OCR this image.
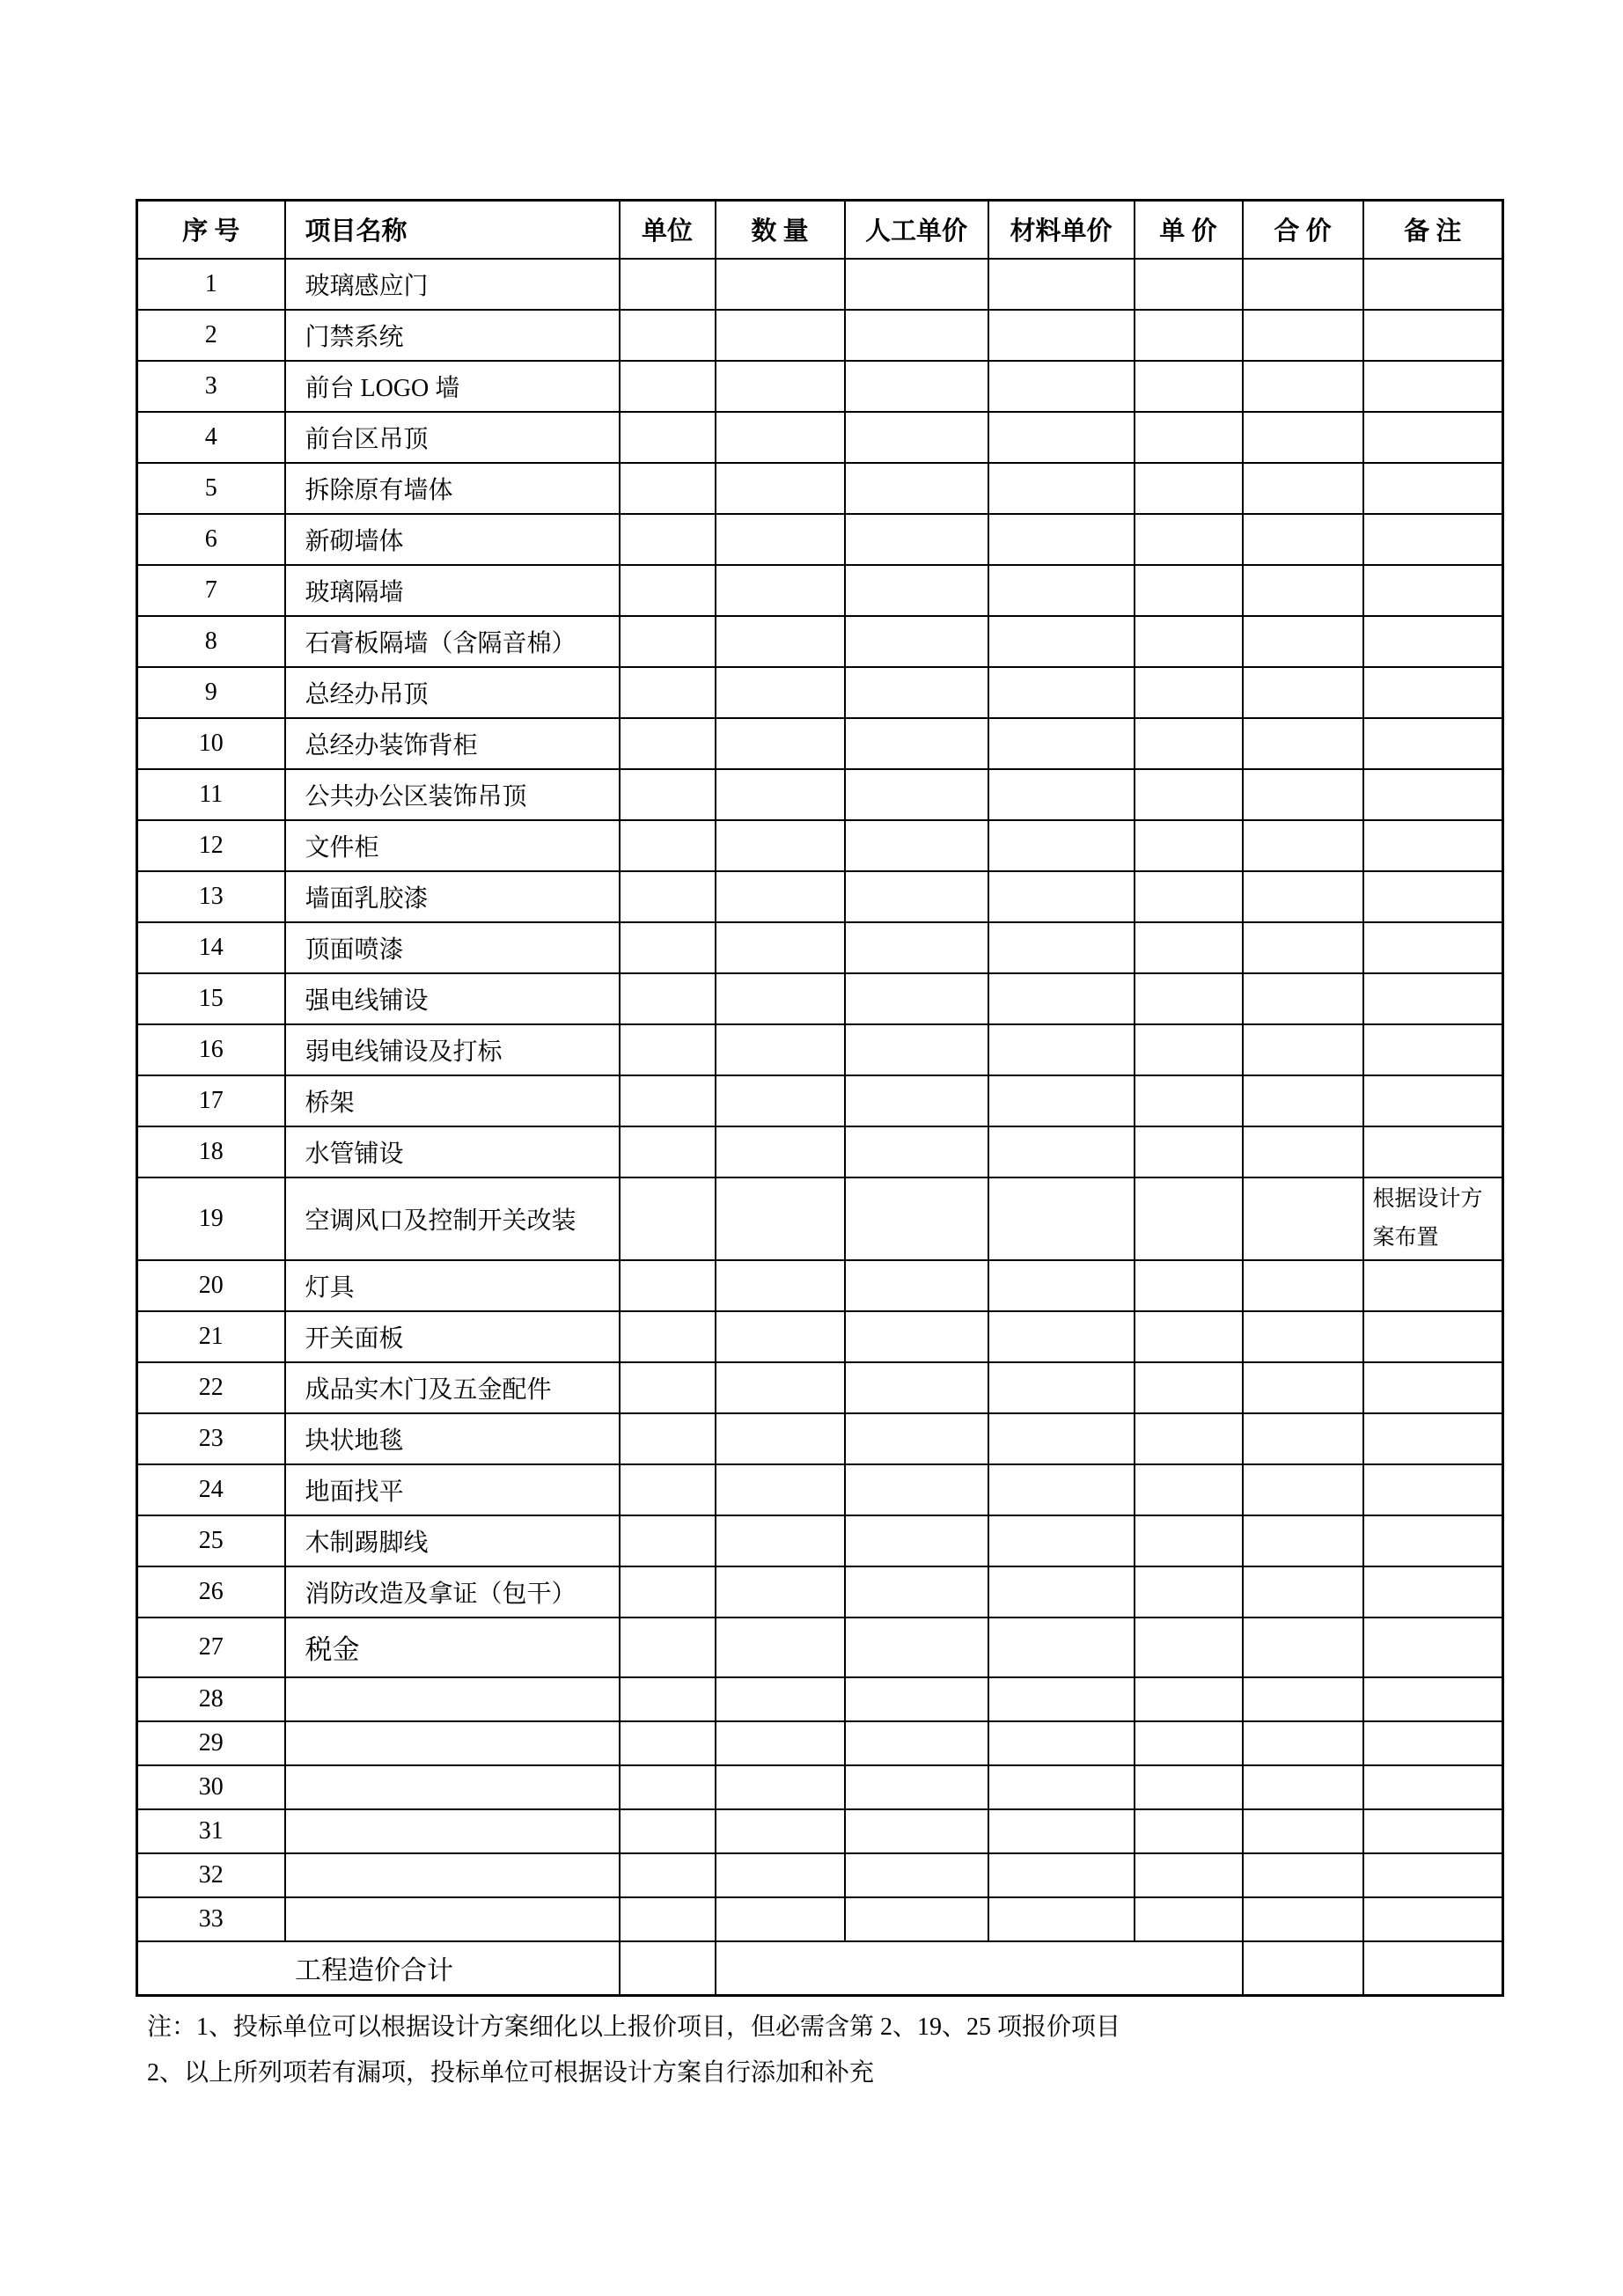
序 号	项目名称	单位	数 量	人工单价	材料单价	单 价	合 价	备 注
1	玻璃感应门							
2	门禁系统							
3	前台 LOGO 墙							
4	前台区吊顶							
5	拆除原有墙体							
6	新砌墙体							
7	玻璃隔墙							
8	石膏板隔墙（含隔音棉）							
9	总经办吊顶							
10	总经办装饰背柜							
11	公共办公区装饰吊顶							
12	文件柜							
13	墙面乳胶漆							
14	顶面喷漆							
15	强电线铺设							
16	弱电线铺设及打标							
17	桥架							
18	水管铺设							
19	空调风口及控制开关改装							根据设计方案布置
20	灯具							
21	开关面板							
22	成品实木门及五金配件							
23	块状地毯							
24	地面找平							
25	木制踢脚线							
26	消防改造及拿证（包干）							
27	税金							
28								
29								
30								
31								
32								
33								
工程造价合计								
注：1、投标单位可以根据设计方案细化以上报价项目，但必需含第 2、19、25 项报价项目
2、以上所列项若有漏项，投标单位可根据设计方案自行添加和补充
